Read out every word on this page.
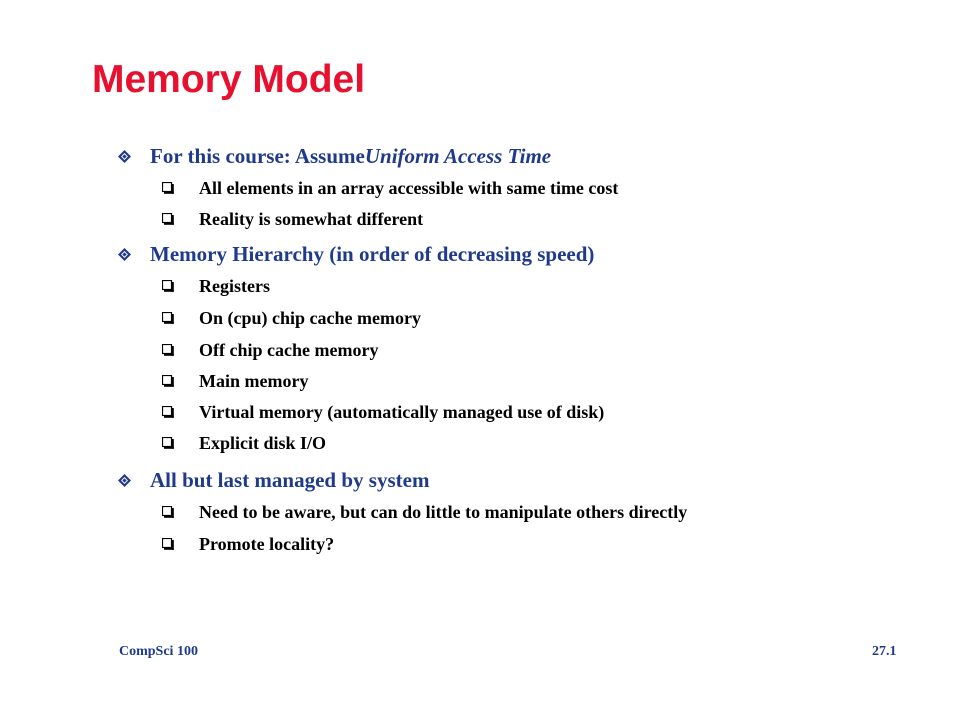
Memory Model
For this course: Assume Uniform Access Time
All elements in an array accessible with same time cost
Reality is somewhat different
Memory Hierarchy (in order of decreasing speed)
Registers
On (cpu) chip cache memory
Off chip cache memory
Main memory
Virtual memory (automatically managed use of disk)
Explicit disk I/O
All but last managed by system
Need to be aware, but can do little to manipulate others directly
Promote locality?
CompSci 100	27.1
